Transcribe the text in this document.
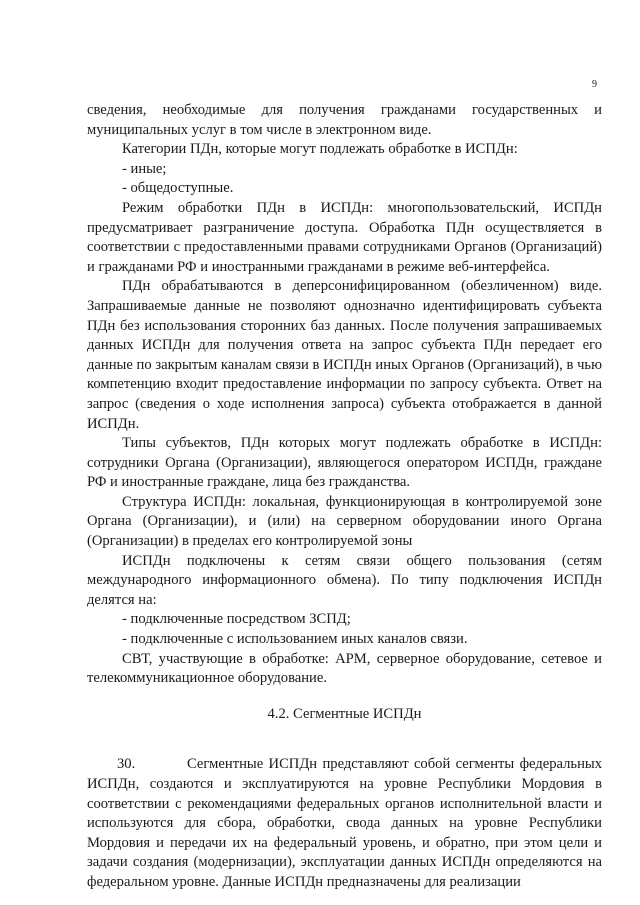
9

сведения, необходимые для получения гражданами государственных и муниципальных услуг в том числе в электронном виде.

Категории ПДн, которые могут подлежать обработке в ИСПДн:

- иные;

- общедоступные.

Режим обработки ПДн в ИСПДн: многопользовательский, ИСПДн предусматривает разграничение доступа. Обработка ПДн осуществляется в соответствии с предоставленными правами сотрудниками Органов (Организаций) и гражданами РФ и иностранными гражданами в режиме веб-интерфейса.

ПДн обрабатываются в деперсонифицированном (обезличенном) виде. Запрашиваемые данные не позволяют однозначно идентифицировать субъекта ПДн без использования сторонних баз данных. После получения запрашиваемых данных ИСПДн для получения ответа на запрос субъекта ПДн передает его данные по закрытым каналам связи в ИСПДн иных Органов (Организаций), в чью компетенцию входит предоставление информации по запросу субъекта. Ответ на запрос (сведения о ходе исполнения запроса) субъекта отображается в данной ИСПДн.

Типы субъектов, ПДн которых могут подлежать обработке в ИСПДн: сотрудники Органа (Организации), являющегося оператором ИСПДн, граждане РФ и иностранные граждане, лица без гражданства.

Структура ИСПДн: локальная, функционирующая в контролируемой зоне Органа (Организации), и (или) на серверном оборудовании иного Органа (Организации) в пределах его контролируемой зоны

ИСПДн подключены к сетям связи общего пользования (сетям международного информационного обмена). По типу подключения ИСПДн делятся на:

- подключенные посредством ЗСПД;

- подключенные с использованием иных каналов связи.

СВТ, участвующие в обработке: АРМ, серверное оборудование, сетевое и телекоммуникационное оборудование.

4.2. Сегментные ИСПДн

30.	Сегментные ИСПДн представляют собой сегменты федеральных ИСПДн, создаются и эксплуатируются на уровне Республики Мордовия в соответствии с рекомендациями федеральных органов исполнительной власти и используются для сбора, обработки, свода данных на уровне Республики Мордовия и передачи их на федеральный уровень, и обратно, при этом цели и задачи создания (модернизации), эксплуатации данных ИСПДн определяются на федеральном уровне. Данные ИСПДн предназначены для реализации
